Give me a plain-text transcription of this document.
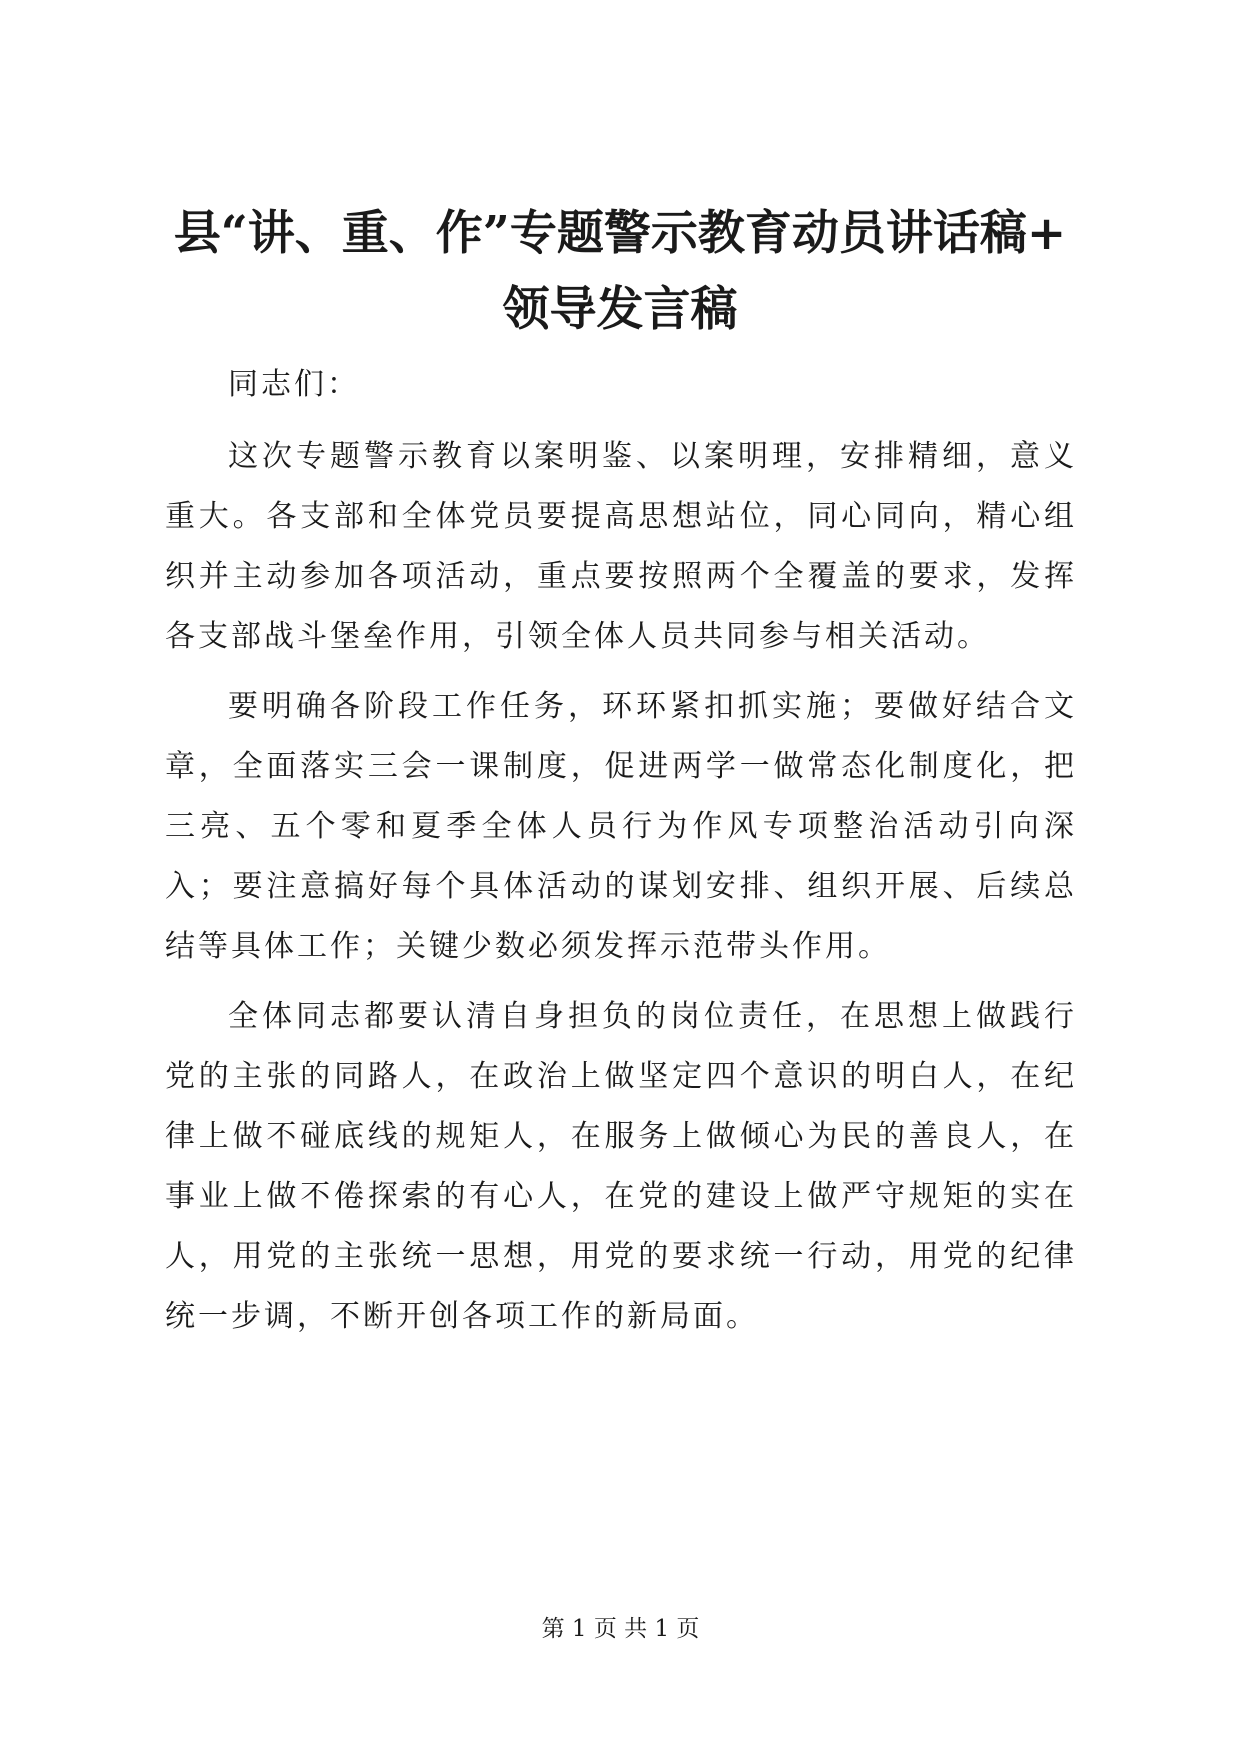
县“讲、重、作”专题警示教育动员讲话稿+
领导发言稿

同志们：

这次专题警示教育以案明鉴、以案明理，安排精细，意义重大。各支部和全体党员要提高思想站位，同心同向，精心组织并主动参加各项活动，重点要按照两个全覆盖的要求，发挥各支部战斗堡垒作用，引领全体人员共同参与相关活动。

要明确各阶段工作任务，环环紧扣抓实施；要做好结合文章，全面落实三会一课制度，促进两学一做常态化制度化，把三亮、五个零和夏季全体人员行为作风专项整治活动引向深入；要注意搞好每个具体活动的谋划安排、组织开展、后续总结等具体工作；关键少数必须发挥示范带头作用。

全体同志都要认清自身担负的岗位责任，在思想上做践行党的主张的同路人，在政治上做坚定四个意识的明白人，在纪律上做不碰底线的规矩人，在服务上做倾心为民的善良人，在事业上做不倦探索的有心人，在党的建设上做严守规矩的实在人，用党的主张统一思想，用党的要求统一行动，用党的纪律统一步调，不断开创各项工作的新局面。

第 1 页 共 1 页
